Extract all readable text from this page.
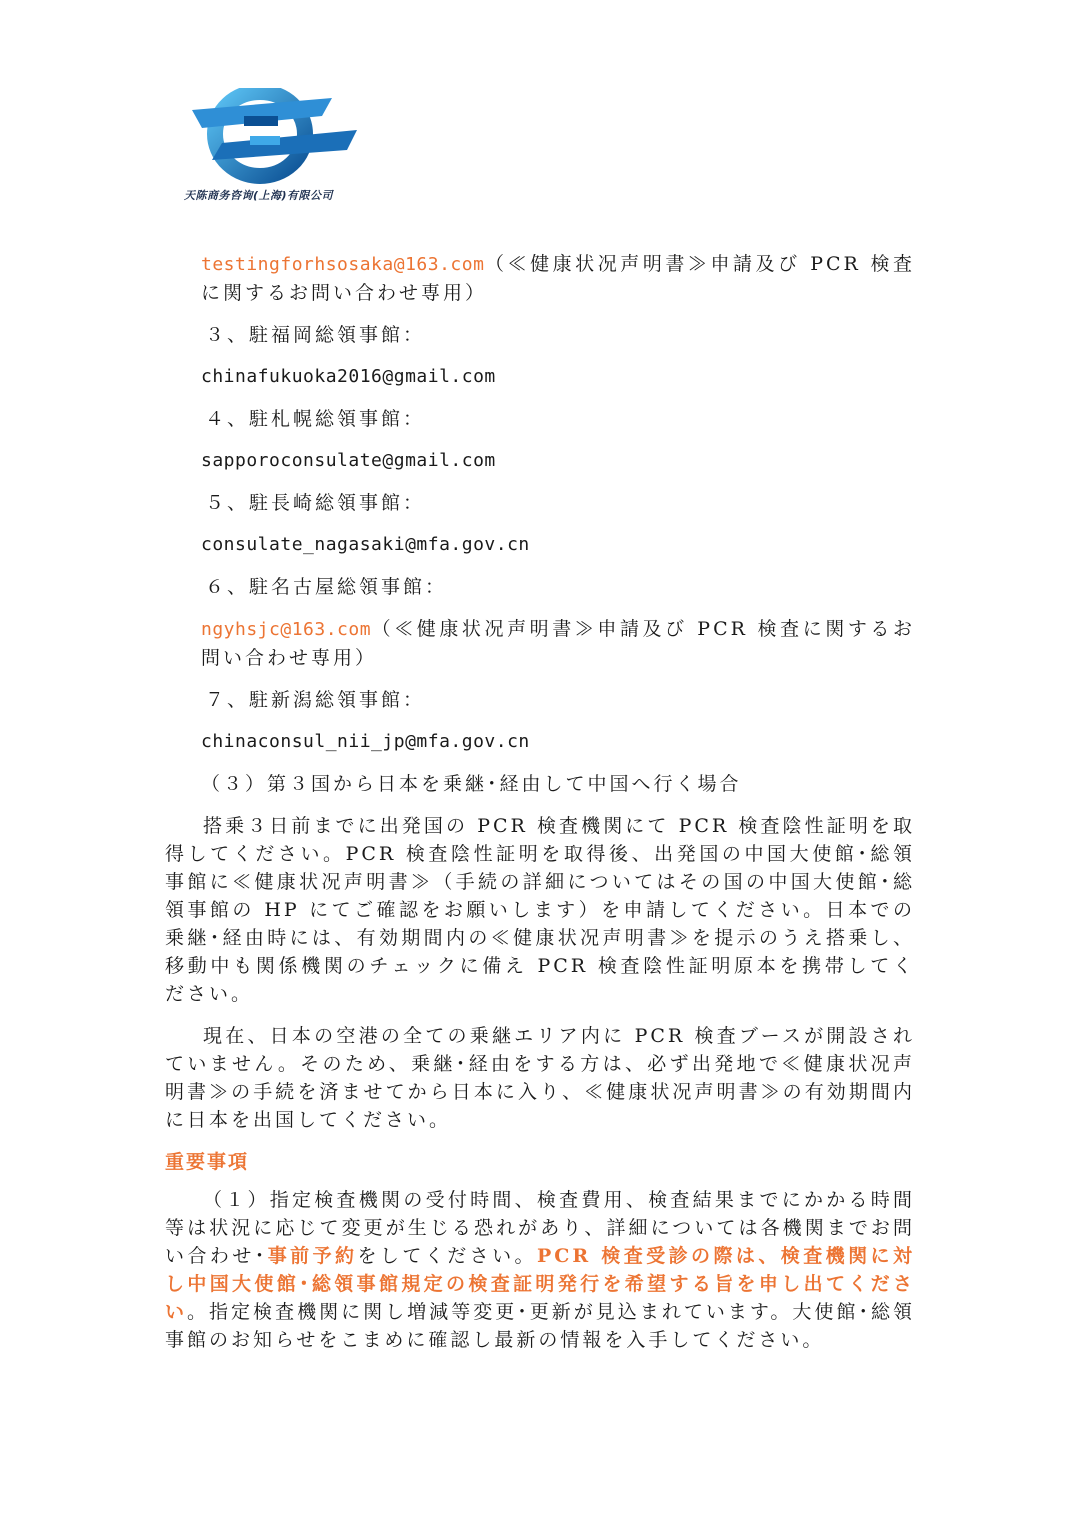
天陈商务咨询(上海)有限公司

testingforhsosaka@163.com（≪健康状况声明書≫申請及び PCR 検査に関するお問い合わせ専用）

３、駐福岡総領事館：
chinafukuoka2016@gmail.com
４、駐札幌総領事館：
sapporoconsulate@gmail.com
５、駐長崎総領事館：
consulate_nagasaki@mfa.gov.cn
６、駐名古屋総領事館：

ngyhsjc@163.com（≪健康状况声明書≫申請及び PCR 検査に関するお問い合わせ専用）

７、駐新潟総領事館：
chinaconsul_nii_jp@mfa.gov.cn
（３）第３国から日本を乗継･経由して中国へ行く場合

搭乗３日前までに出発国の PCR 検査機関にて PCR 検査陰性証明を取得してください。PCR 検査陰性証明を取得後、出発国の中国大使館･総領事館に≪健康状况声明書≫（手続の詳細についてはその国の中国大使館･総領事館の HP にてご確認をお願いします）を申請してください。日本での乗継･経由時には、有効期間内の≪健康状况声明書≫を提示のうえ搭乗し、移動中も関係機関のチェックに備え PCR 検査陰性証明原本を携帯してください。

現在、日本の空港の全ての乗継エリア内に PCR 検査ブースが開設されていません。そのため、乗継･経由をする方は、必ず出発地で≪健康状况声明書≫の手続を済ませてから日本に入り、≪健康状况声明書≫の有効期間内に日本を出国してください。

重要事項

（１）指定検査機関の受付時間、検査費用、検査結果までにかかる時間等は状況に応じて変更が生じる恐れがあり、詳細については各機関までお問い合わせ･事前予約をしてください。PCR 検査受診の際は、検査機関に対し中国大使館･総領事館規定の検査証明発行を希望する旨を申し出てください。指定検査機関に関し増減等変更･更新が見込まれています。大使館･総領事館のお知らせをこまめに確認し最新の情報を入手してください。
